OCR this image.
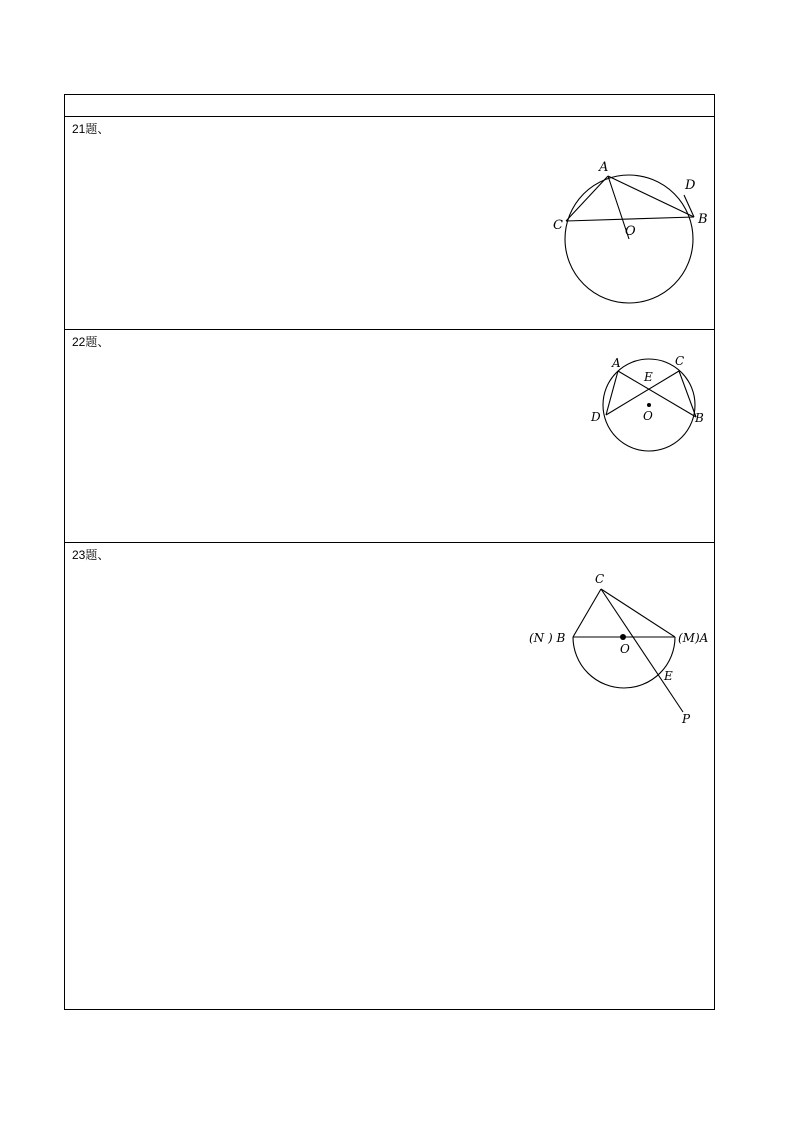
21题、
A
D
C	B
O
22题、
A	C
E
O
D	B
23题、
C
(N ) B	(M)A
O
E
P
